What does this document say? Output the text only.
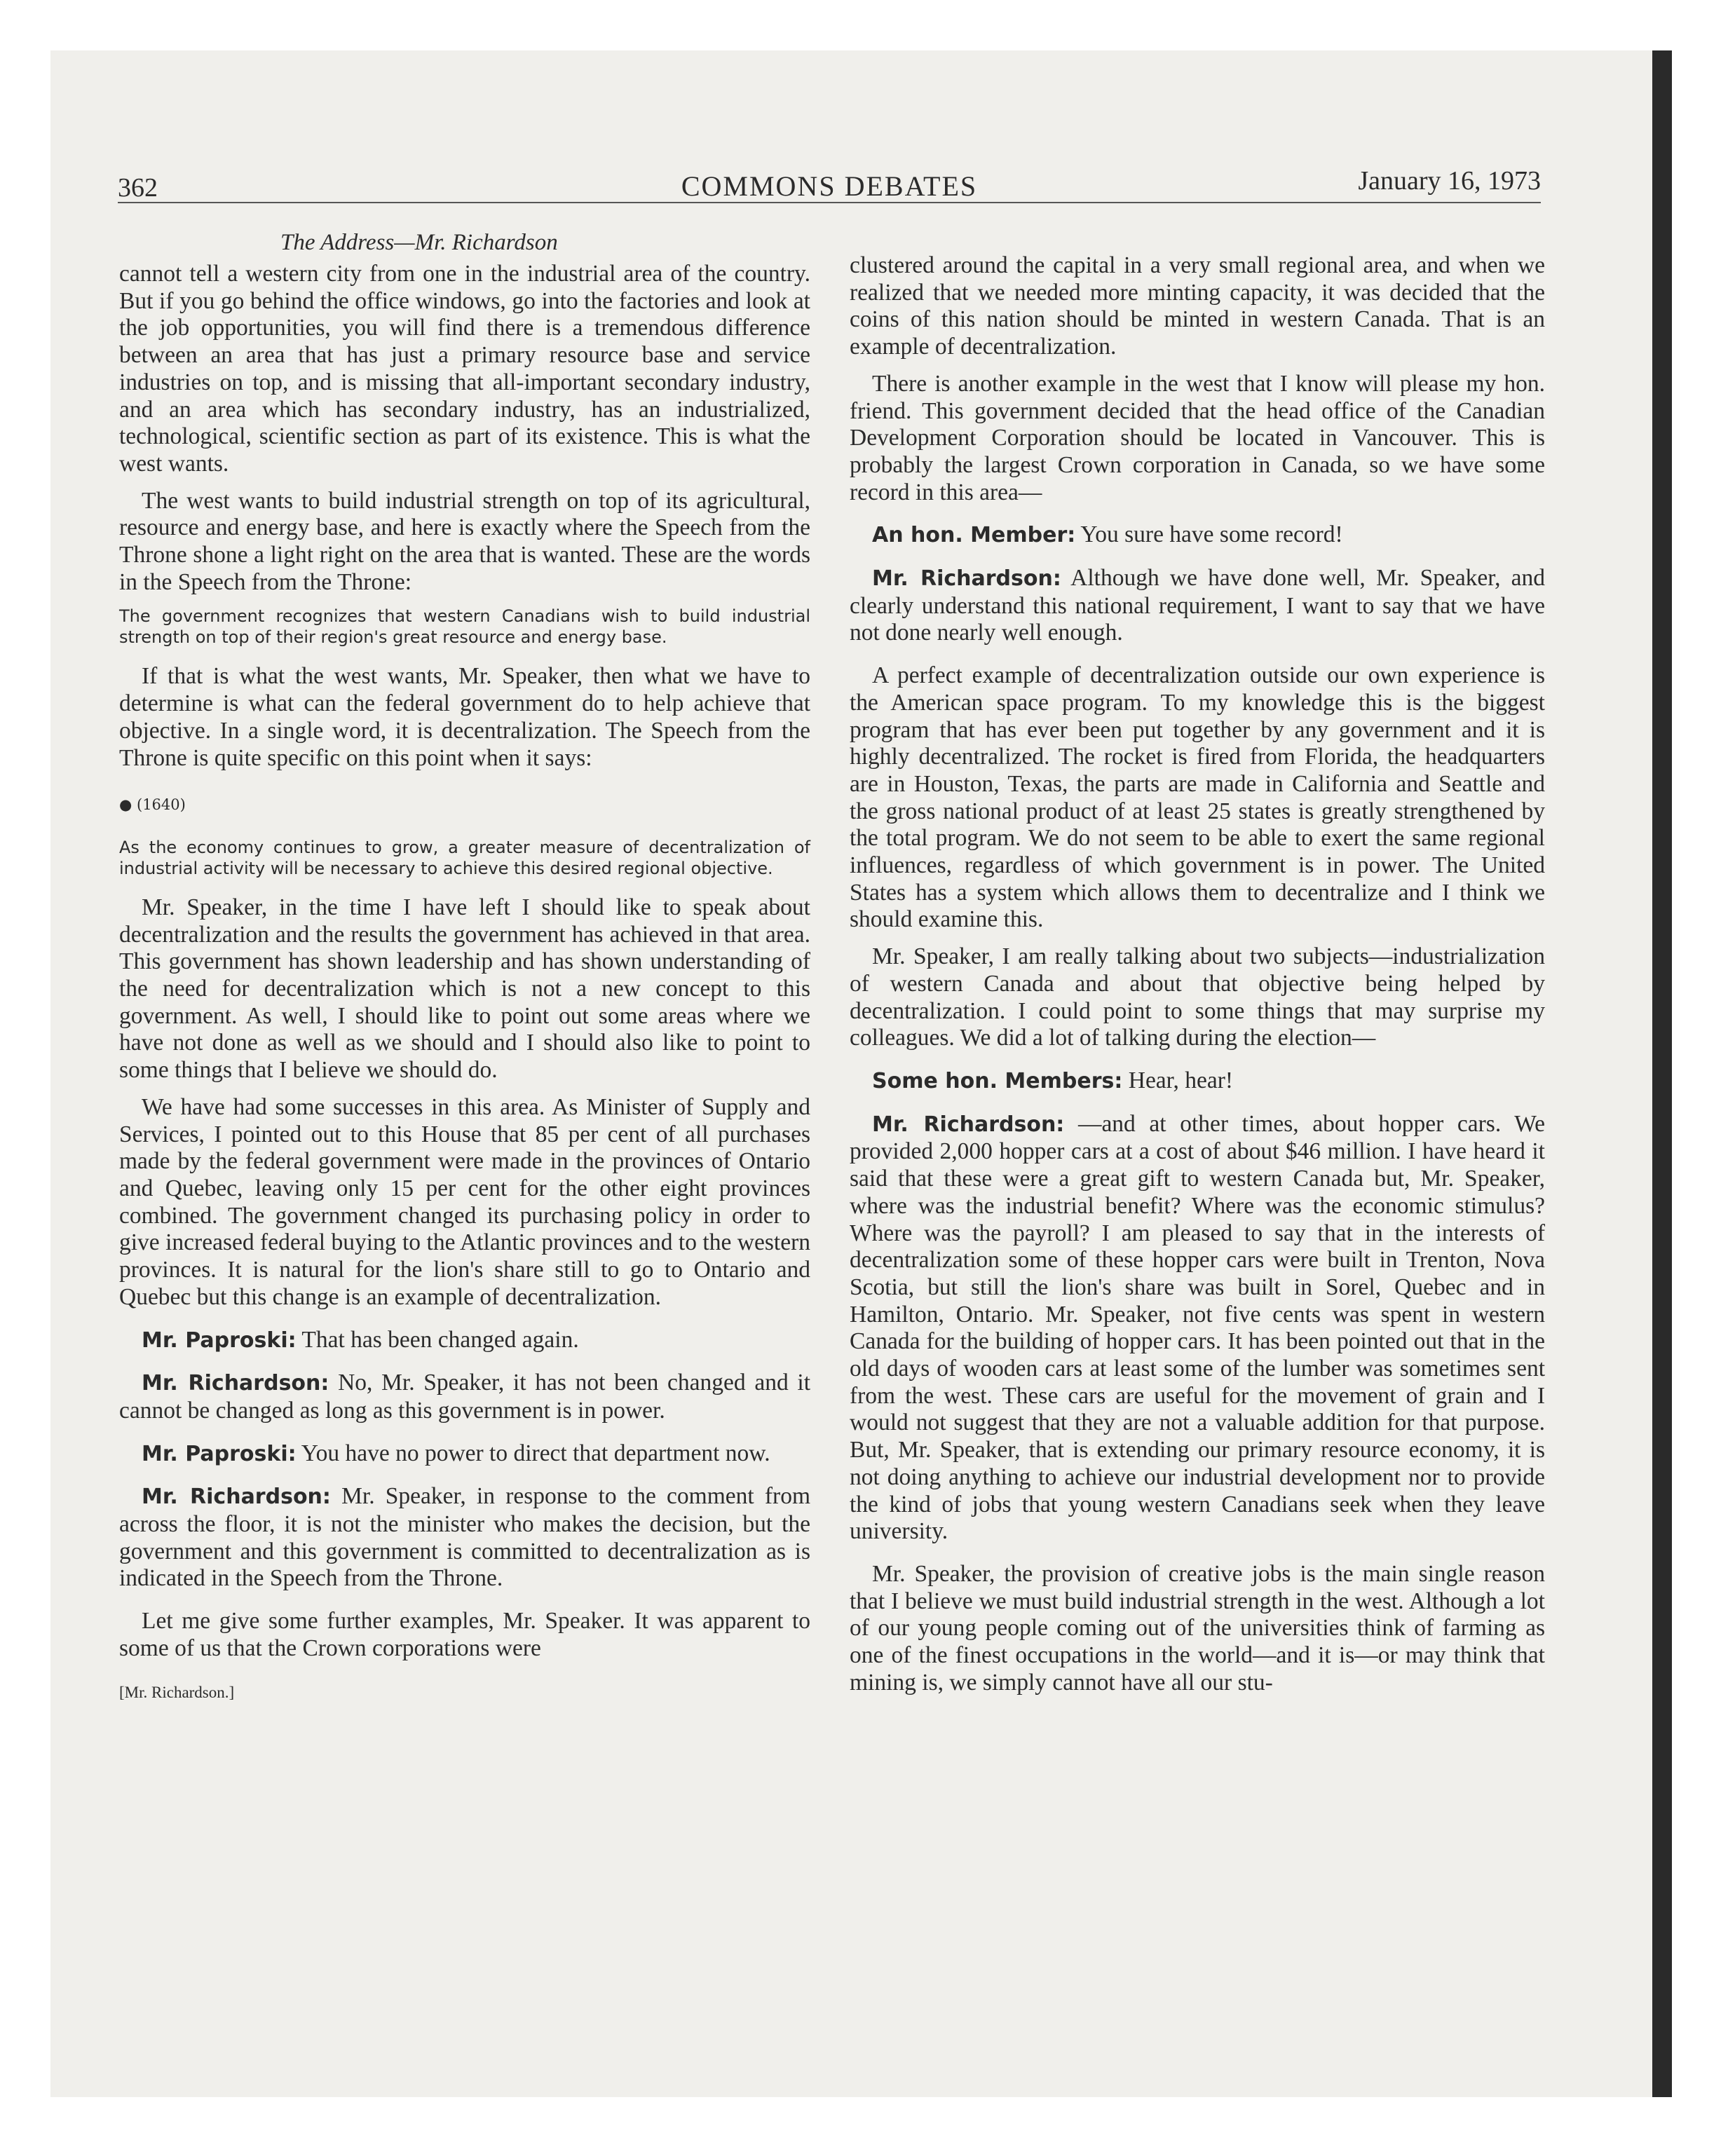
362	COMMONS DEBATES	January 16, 1973
The Address—Mr. Richardson

cannot tell a western city from one in the industrial area of the country. But if you go behind the office windows, go into the factories and look at the job opportunities, you will find there is a tremendous difference between an area that has just a primary resource base and service industries on top, and is missing that all-important secondary industry, and an area which has secondary industry, has an industrialized, technological, scientific section as part of its existence. This is what the west wants.

The west wants to build industrial strength on top of its agricultural, resource and energy base, and here is exactly where the Speech from the Throne shone a light right on the area that is wanted. These are the words in the Speech from the Throne:

The government recognizes that western Canadians wish to build industrial strength on top of their region's great resource and energy base.

If that is what the west wants, Mr. Speaker, then what we have to determine is what can the federal government do to help achieve that objective. In a single word, it is decentralization. The Speech from the Throne is quite specific on this point when it says:

● (1640)

As the economy continues to grow, a greater measure of decentralization of industrial activity will be necessary to achieve this desired regional objective.

Mr. Speaker, in the time I have left I should like to speak about decentralization and the results the government has achieved in that area. This government has shown leadership and has shown understanding of the need for decentralization which is not a new concept to this government. As well, I should like to point out some areas where we have not done as well as we should and I should also like to point to some things that I believe we should do.

We have had some successes in this area. As Minister of Supply and Services, I pointed out to this House that 85 per cent of all purchases made by the federal government were made in the provinces of Ontario and Quebec, leaving only 15 per cent for the other eight provinces combined. The government changed its purchasing policy in order to give increased federal buying to the Atlantic provinces and to the western provinces. It is natural for the lion's share still to go to Ontario and Quebec but this change is an example of decentralization.

Mr. Paproski: That has been changed again.

Mr. Richardson: No, Mr. Speaker, it has not been changed and it cannot be changed as long as this government is in power.

Mr. Paproski: You have no power to direct that department now.

Mr. Richardson: Mr. Speaker, in response to the comment from across the floor, it is not the minister who makes the decision, but the government and this government is committed to decentralization as is indicated in the Speech from the Throne.

Let me give some further examples, Mr. Speaker. It was apparent to some of us that the Crown corporations were

[Mr. Richardson.]

clustered around the capital in a very small regional area, and when we realized that we needed more minting capacity, it was decided that the coins of this nation should be minted in western Canada. That is an example of decentralization.

There is another example in the west that I know will please my hon. friend. This government decided that the head office of the Canadian Development Corporation should be located in Vancouver. This is probably the largest Crown corporation in Canada, so we have some record in this area—

An hon. Member: You sure have some record!

Mr. Richardson: Although we have done well, Mr. Speaker, and clearly understand this national requirement, I want to say that we have not done nearly well enough.

A perfect example of decentralization outside our own experience is the American space program. To my knowledge this is the biggest program that has ever been put together by any government and it is highly decentralized. The rocket is fired from Florida, the headquarters are in Houston, Texas, the parts are made in California and Seattle and the gross national product of at least 25 states is greatly strengthened by the total program. We do not seem to be able to exert the same regional influences, regardless of which government is in power. The United States has a system which allows them to decentralize and I think we should examine this.

Mr. Speaker, I am really talking about two subjects—industrialization of western Canada and about that objective being helped by decentralization. I could point to some things that may surprise my colleagues. We did a lot of talking during the election—

Some hon. Members: Hear, hear!

Mr. Richardson: —and at other times, about hopper cars. We provided 2,000 hopper cars at a cost of about $46 million. I have heard it said that these were a great gift to western Canada but, Mr. Speaker, where was the industrial benefit? Where was the economic stimulus? Where was the payroll? I am pleased to say that in the interests of decentralization some of these hopper cars were built in Trenton, Nova Scotia, but still the lion's share was built in Sorel, Quebec and in Hamilton, Ontario. Mr. Speaker, not five cents was spent in western Canada for the building of hopper cars. It has been pointed out that in the old days of wooden cars at least some of the lumber was sometimes sent from the west. These cars are useful for the movement of grain and I would not suggest that they are not a valuable addition for that purpose. But, Mr. Speaker, that is extending our primary resource economy, it is not doing anything to achieve our industrial development nor to provide the kind of jobs that young western Canadians seek when they leave university.

Mr. Speaker, the provision of creative jobs is the main single reason that I believe we must build industrial strength in the west. Although a lot of our young people coming out of the universities think of farming as one of the finest occupations in the world—and it is—or may think that mining is, we simply cannot have all our stu-
